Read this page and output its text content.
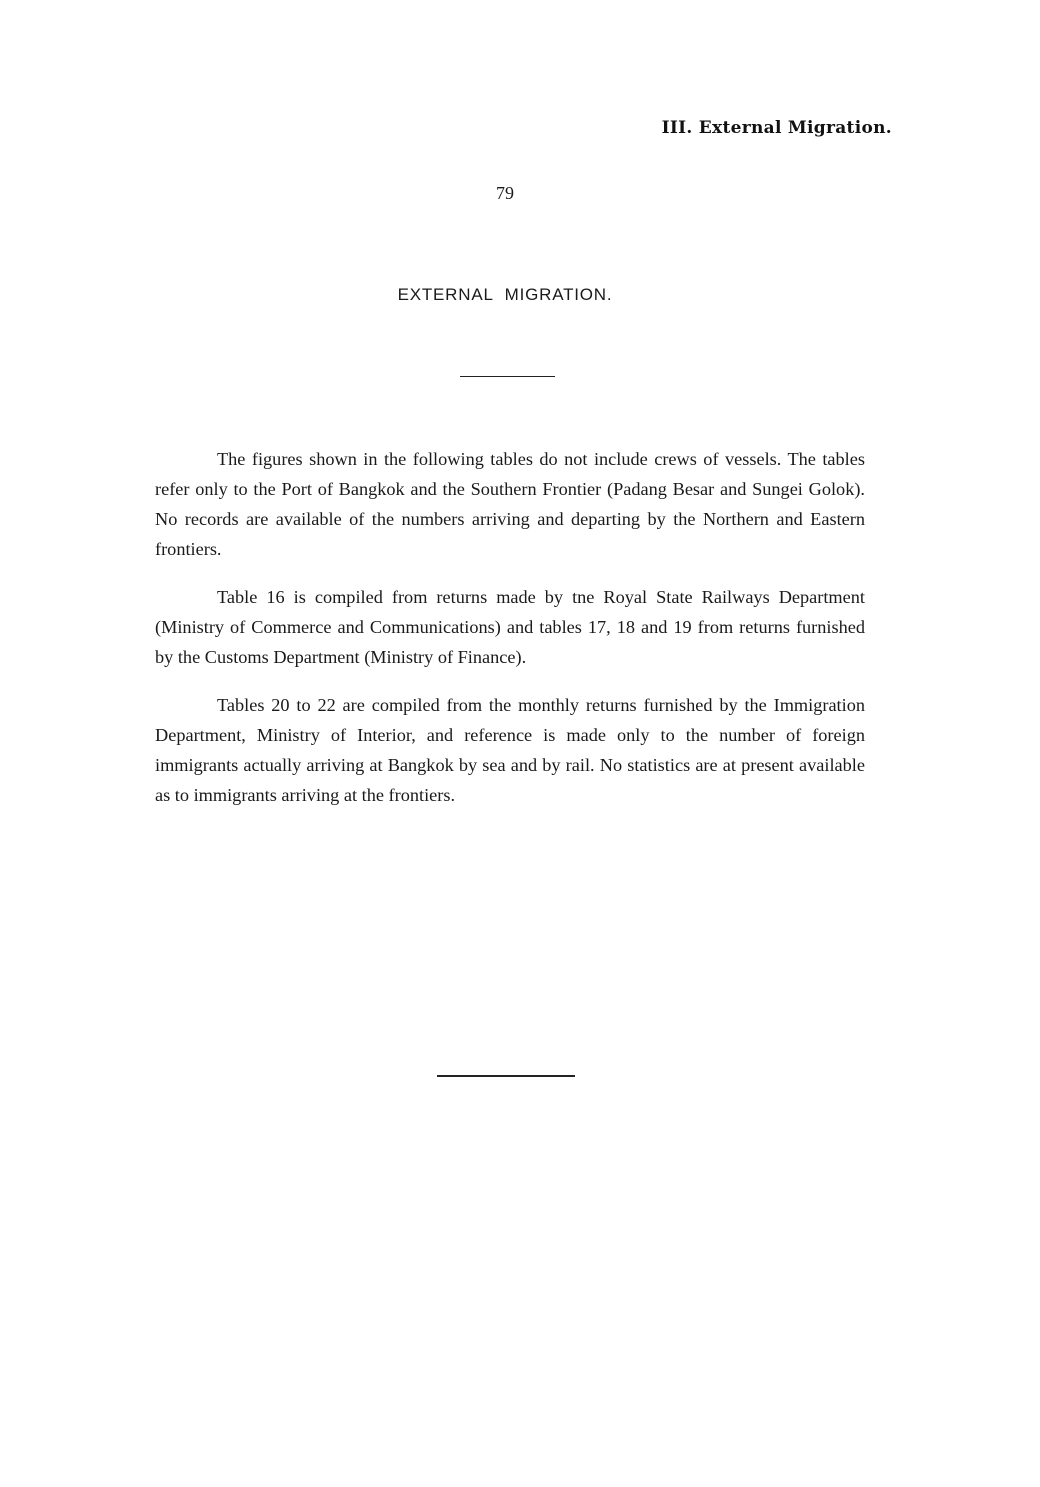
III. External Migration.
79
EXTERNAL MIGRATION.

The figures shown in the following tables do not include crews of vessels. The tables refer only to the Port of Bangkok and the Southern Frontier (Padang Besar and Sungei Golok). No records are available of the numbers arriving and departing by the Northern and Eastern frontiers.

Table 16 is compiled from returns made by tne Royal State Railways Department (Ministry of Commerce and Communications) and tables 17, 18 and 19 from returns furnished by the Customs Department (Ministry of Finance).

Tables 20 to 22 are compiled from the monthly returns furnished by the Immigration Department, Ministry of Interior, and reference is made only to the number of foreign immigrants actually arriving at Bangkok by sea and by rail. No statistics are at present available as to immigrants arriving at the frontiers.
